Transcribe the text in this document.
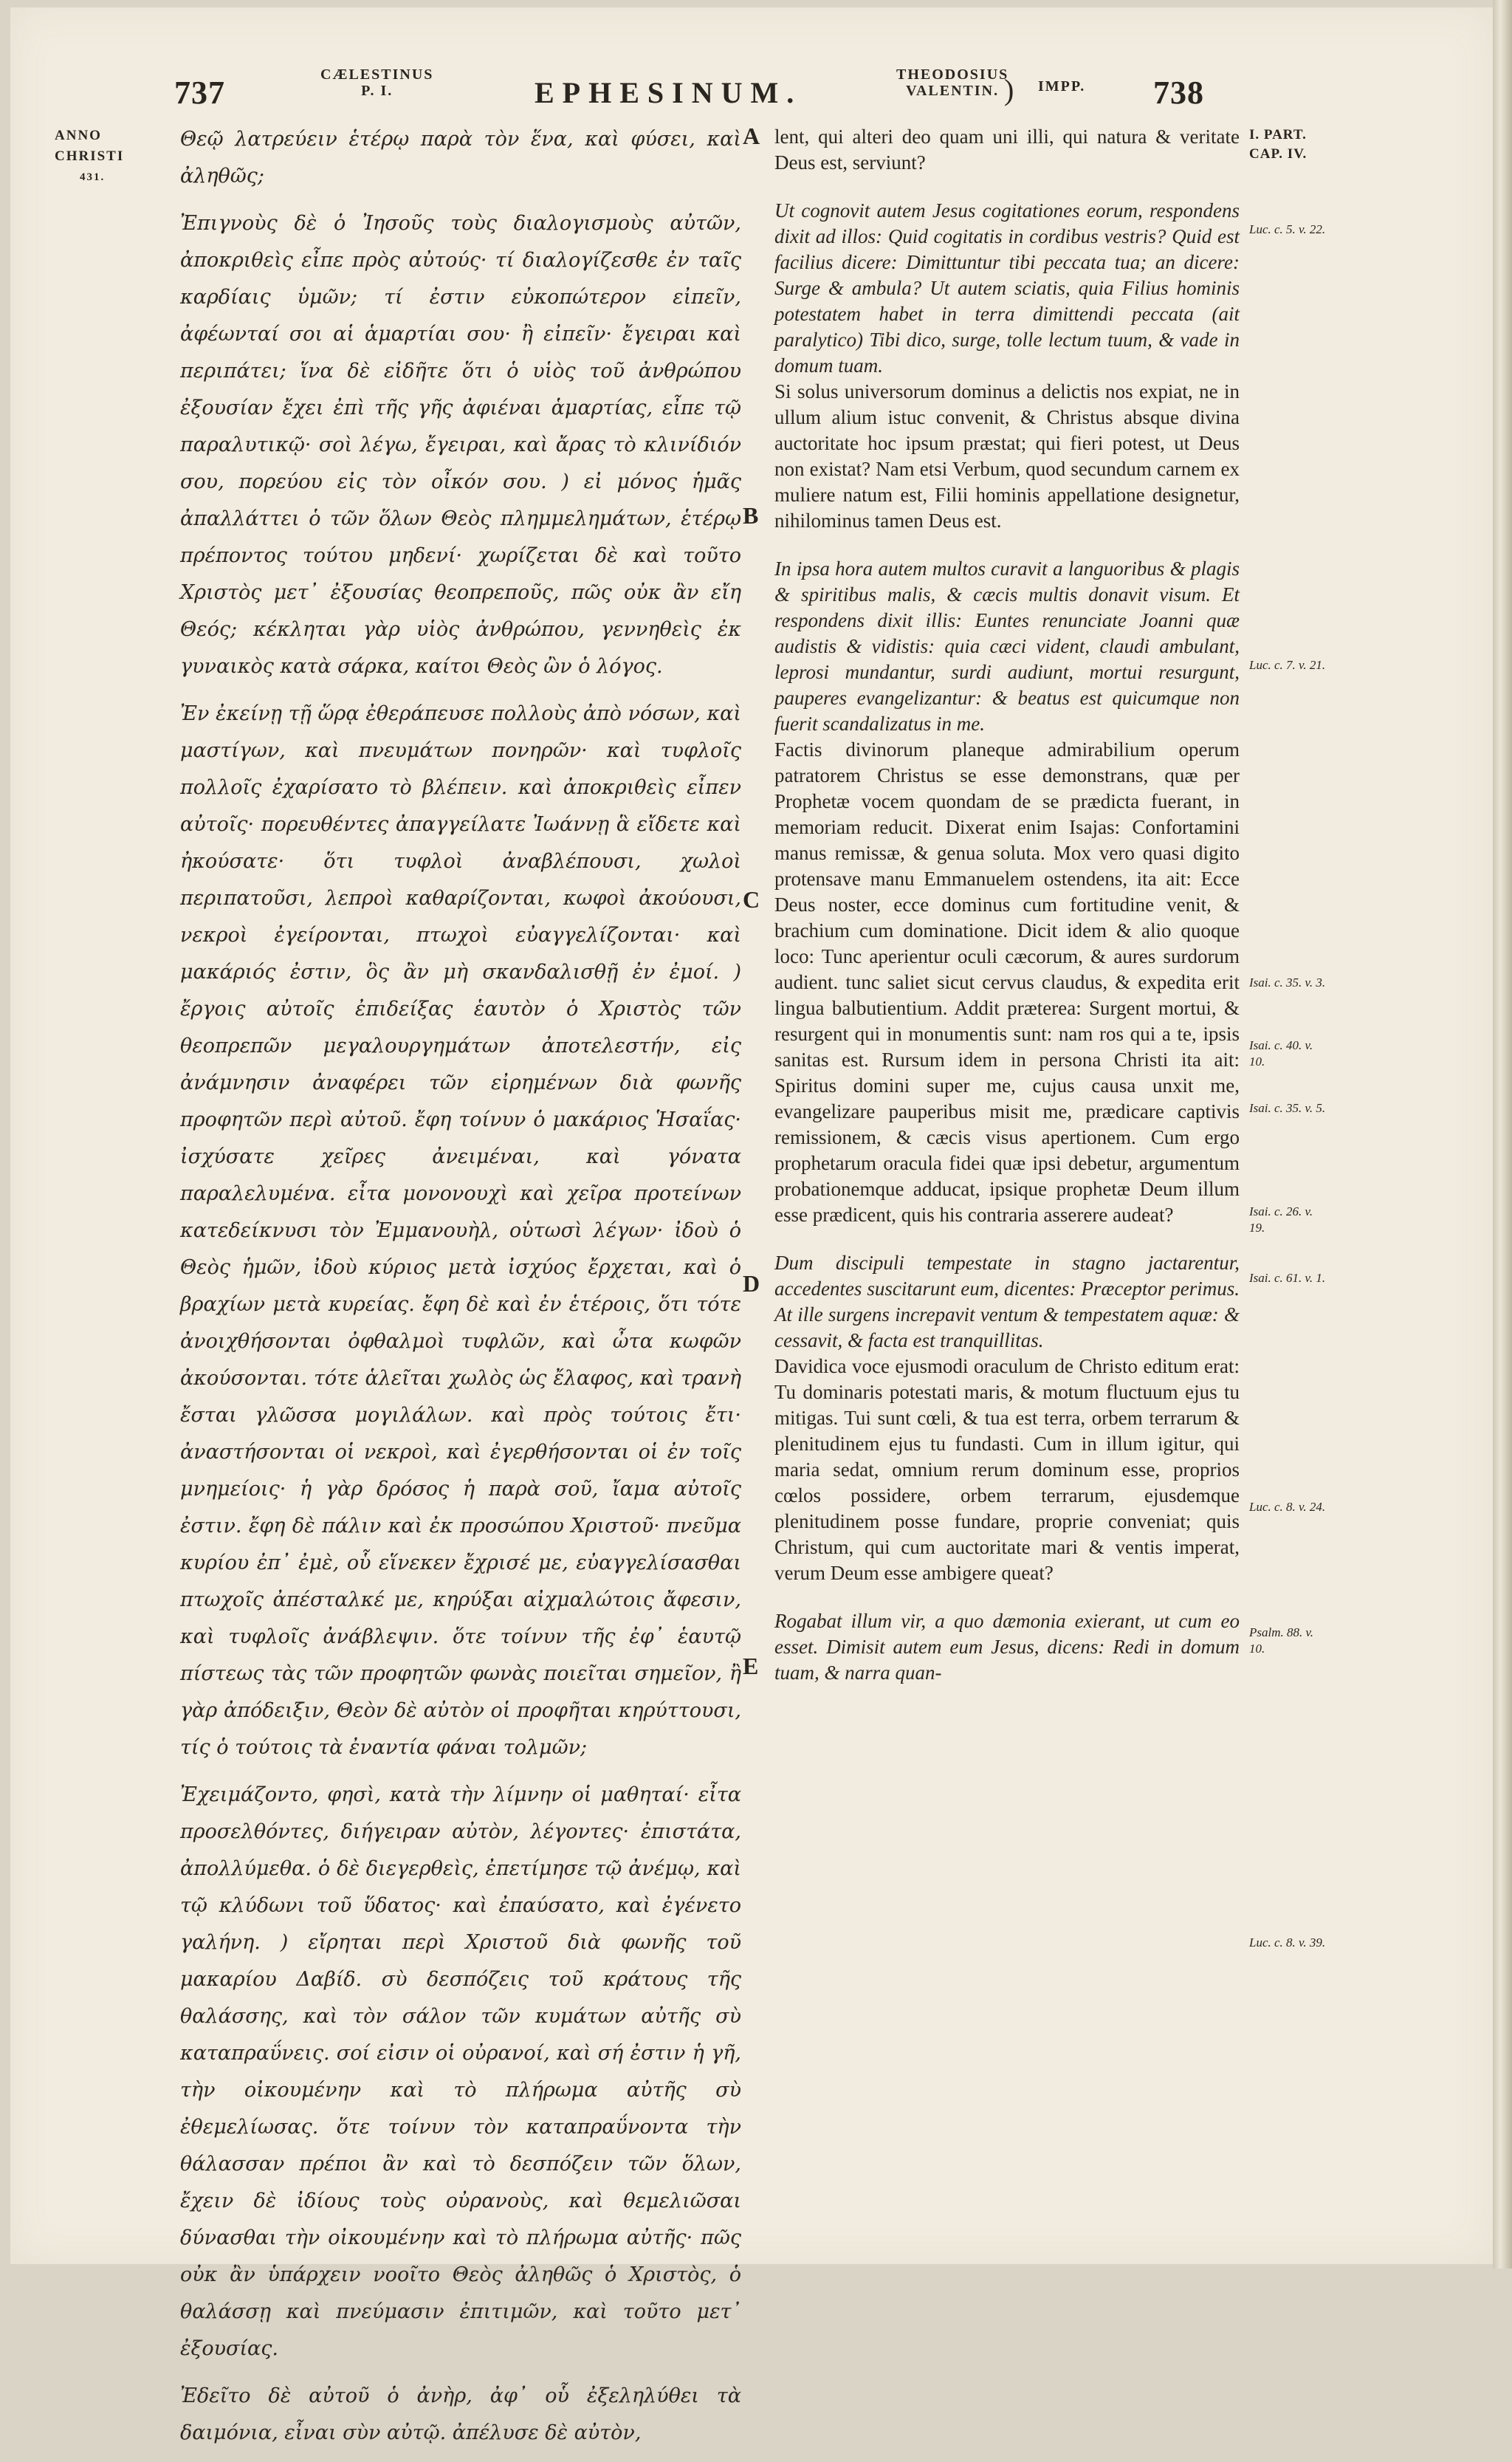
737	CÆLESTINUS
P. I.	EPHESINUM.
THEODOSIUS
VALENTIN. ) IMPP. 738
ANNO
CHRISTI
431.

Θεῷ λατρεύειν ἑτέρῳ παρὰ τὸν ἕνα, καὶ φύσει, καὶ ἀληθῶς;

Ἐπιγνοὺς δὲ ὁ Ἰησοῦς τοὺς διαλογισμοὺς αὐτῶν, ἀποκριθεὶς εἶπε πρὸς αὐτούς· τί διαλογίζεσθε ἐν ταῖς καρδίαις ὑμῶν; τί ἐστιν εὐκοπώτερον εἰπεῖν, ἀφέωνταί σοι αἱ ἁμαρτίαι σου· ἢ εἰπεῖν· ἔγειραι καὶ περιπάτει; ἵνα δὲ εἰδῆτε ὅτι ὁ υἱὸς τοῦ ἀνθρώπου ἐξουσίαν ἔχει ἐπὶ τῆς γῆς ἀφιέναι ἁμαρτίας, εἶπε τῷ παραλυτικῷ· σοὶ λέγω, ἔγειραι, καὶ ἄρας τὸ κλινίδιόν σου, πορεύου εἰς τὸν οἶκόν σου. ) εἰ μόνος ἡμᾶς ἀπαλλάττει ὁ τῶν ὅλων Θεὸς πλημμελημάτων, ἑτέρῳ πρέποντος τούτου μηδενί· χωρίζεται δὲ καὶ τοῦτο Χριστὸς μετ᾽ ἐξουσίας θεοπρεποῦς, πῶς οὐκ ἂν εἴη Θεός; κέκληται γὰρ υἱὸς ἀνθρώπου, γεννηθεὶς ἐκ γυναικὸς κατὰ σάρκα, καίτοι Θεὸς ὢν ὁ λόγος.

Ἐν ἐκείνῃ τῇ ὥρᾳ ἐθεράπευσε πολλοὺς ἀπὸ νόσων, καὶ μαστίγων, καὶ πνευμάτων πονηρῶν· καὶ τυφλοῖς πολλοῖς ἐχαρίσατο τὸ βλέπειν. καὶ ἀποκριθεὶς εἶπεν αὐτοῖς· πορευθέντες ἀπαγγείλατε Ἰωάννῃ ἃ εἴδετε καὶ ἠκούσατε· ὅτι τυφλοὶ ἀναβλέπουσι, χωλοὶ περιπατοῦσι, λεπροὶ καθαρίζονται, κωφοὶ ἀκούουσι, νεκροὶ ἐγείρονται, πτωχοὶ εὐαγγελίζονται· καὶ μακάριός ἐστιν, ὃς ἂν μὴ σκανδαλισθῇ ἐν ἐμοί. ) ἔργοις αὐτοῖς ἐπιδείξας ἑαυτὸν ὁ Χριστὸς τῶν θεοπρεπῶν μεγαλουργημάτων ἀποτελεστήν, εἰς ἀνάμνησιν ἀναφέρει τῶν εἰρημένων διὰ φωνῆς προφητῶν περὶ αὐτοῦ. ἔφη τοίνυν ὁ μακάριος Ἡσαΐας· ἰσχύσατε χεῖρες ἀνειμέναι, καὶ γόνατα παραλελυμένα. εἶτα μονονουχὶ καὶ χεῖρα προτείνων κατεδείκνυσι τὸν Ἐμμανουὴλ, οὑτωσὶ λέγων· ἰδοὺ ὁ Θεὸς ἡμῶν, ἰδοὺ κύριος μετὰ ἰσχύος ἔρχεται, καὶ ὁ βραχίων μετὰ κυρείας. ἔφη δὲ καὶ ἐν ἑτέροις, ὅτι τότε ἀνοιχθήσονται ὀφθαλμοὶ τυφλῶν, καὶ ὦτα κωφῶν ἀκούσονται. τότε ἁλεῖται χωλὸς ὡς ἔλαφος, καὶ τρανὴ ἔσται γλῶσσα μογιλάλων. καὶ πρὸς τούτοις ἔτι· ἀναστήσονται οἱ νεκροὶ, καὶ ἐγερθήσονται οἱ ἐν τοῖς μνημείοις· ἡ γὰρ δρόσος ἡ παρὰ σοῦ, ἴαμα αὐτοῖς ἐστιν. ἔφη δὲ πάλιν καὶ ἐκ προσώπου Χριστοῦ· πνεῦμα κυρίου ἐπ᾽ ἐμὲ, οὗ εἵνεκεν ἔχρισέ με, εὐαγγελίσασθαι πτωχοῖς ἀπέσταλκέ με, κηρύξαι αἰχμαλώτοις ἄφεσιν, καὶ τυφλοῖς ἀνάβλεψιν. ὅτε τοίνυν τῆς ἐφ᾽ ἑαυτῷ πίστεως τὰς τῶν προφητῶν φωνὰς ποιεῖται σημεῖον, ἢ γὰρ ἀπόδειξιν, Θεὸν δὲ αὐτὸν οἱ προφῆται κηρύττουσι, τίς ὁ τούτοις τὰ ἐναντία φάναι τολμῶν;

Ἐχειμάζοντο, φησὶ, κατὰ τὴν λίμνην οἱ μαθηταί· εἶτα προσελθόντες, διήγειραν αὐτὸν, λέγοντες· ἐπιστάτα, ἀπολλύμεθα. ὁ δὲ διεγερθεὶς, ἐπετίμησε τῷ ἀνέμῳ, καὶ τῷ κλύδωνι τοῦ ὕδατος· καὶ ἐπαύσατο, καὶ ἐγένετο γαλήνη. ) εἴρηται περὶ Χριστοῦ διὰ φωνῆς τοῦ μακαρίου Δαβίδ. σὺ δεσπόζεις τοῦ κράτους τῆς θαλάσσης, καὶ τὸν σάλον τῶν κυμάτων αὐτῆς σὺ καταπραΰνεις. σοί εἰσιν οἱ οὐρανοί, καὶ σή ἐστιν ἡ γῆ, τὴν οἰκουμένην καὶ τὸ πλήρωμα αὐτῆς σὺ ἐθεμελίωσας. ὅτε τοίνυν τὸν καταπραΰνοντα τὴν θάλασσαν πρέποι ἂν καὶ τὸ δεσπόζειν τῶν ὅλων, ἔχειν δὲ ἰδίους τοὺς οὐρανοὺς, καὶ θεμελιῶσαι δύνασθαι τὴν οἰκουμένην καὶ τὸ πλήρωμα αὐτῆς· πῶς οὐκ ἂν ὑπάρχειν νοοῖτο Θεὸς ἀληθῶς ὁ Χριστὸς, ὁ θαλάσσῃ καὶ πνεύμασιν ἐπιτιμῶν, καὶ τοῦτο μετ᾽ ἐξουσίας.

Ἐδεῖτο δὲ αὐτοῦ ὁ ἀνὴρ, ἀφ᾽ οὗ ἐξεληλύθει τὰ δαιμόνια, εἶναι σὺν αὐτῷ. ἀπέλυσε δὲ αὐτὸν,

A
B
C
D
E

lent, qui alteri deo quam uni illi, qui natura & veritate Deus est, serviunt?

Ut cognovit autem Jesus cogitationes eorum, respondens dixit ad illos: Quid cogitatis in cordibus vestris? Quid est facilius dicere: Dimittuntur tibi peccata tua; an dicere: Surge & ambula? Ut autem sciatis, quia Filius hominis potestatem habet in terra dimittendi peccata (ait paralytico) Tibi dico, surge, tolle lectum tuum, & vade in domum tuam.

Si solus universorum dominus a delictis nos expiat, ne in ullum alium istuc convenit, & Christus absque divina auctoritate hoc ipsum præstat; qui fieri potest, ut Deus non existat? Nam etsi Verbum, quod secundum carnem ex muliere natum est, Filii hominis appellatione designetur, nihilominus tamen Deus est.

In ipsa hora autem multos curavit a languoribus & plagis & spiritibus malis, & cæcis multis donavit visum. Et respondens dixit illis: Euntes renunciate Joanni quæ audistis & vidistis: quia cæci vident, claudi ambulant, leprosi mundantur, surdi audiunt, mortui resurgunt, pauperes evangelizantur: & beatus est quicumque non fuerit scandalizatus in me.

Factis divinorum planeque admirabilium operum patratorem Christus se esse demonstrans, quæ per Prophetæ vocem quondam de se prædicta fuerant, in memoriam reducit. Dixerat enim Isajas: Confortamini manus remissæ, & genua soluta. Mox vero quasi digito protensave manu Emmanuelem ostendens, ita ait: Ecce Deus noster, ecce dominus cum fortitudine venit, & brachium cum dominatione. Dicit idem & alio quoque loco: Tunc aperientur oculi cæcorum, & aures surdorum audient. tunc saliet sicut cervus claudus, & expedita erit lingua balbutientium. Addit præterea: Surgent mortui, & resurgent qui in monumentis sunt: nam ros qui a te, ipsis sanitas est. Rursum idem in persona Christi ita ait: Spiritus domini super me, cujus causa unxit me, evangelizare pauperibus misit me, prædicare captivis remissionem, & cæcis visus apertionem. Cum ergo prophetarum oracula fidei quæ ipsi debetur, argumentum probationemque adducat, ipsique prophetæ Deum illum esse prædicent, quis his contraria asserere audeat?

Dum discipuli tempestate in stagno jactarentur, accedentes suscitarunt eum, dicentes: Præceptor perimus. At ille surgens increpavit ventum & tempestatem aquæ: & cessavit, & facta est tranquillitas.

Davidica voce ejusmodi oraculum de Christo editum erat: Tu dominaris potestati maris, & motum fluctuum ejus tu mitigas. Tui sunt cœli, & tua est terra, orbem terrarum & plenitudinem ejus tu fundasti. Cum in illum igitur, qui maria sedat, omnium rerum dominum esse, proprios cœlos possidere, orbem terrarum, ejusdemque plenitudinem posse fundare, proprie conveniat; quis Christum, qui cum auctoritate mari & ventis imperat, verum Deum esse ambigere queat?

Rogabat illum vir, a quo dæmonia exierant, ut cum eo esset. Dimisit autem eum Jesus, dicens: Redi in domum tuam, & narra quan-

I. PART.
CAP. IV.
Luc. c. 5. v. 22.
Luc. c. 7. v. 21.
Isai. c. 35. v. 3.
Isai. c. 40. v. 10.
Isai. c. 35. v. 5.
Isai. c. 26. v. 19.
Isai. c. 61. v. 1.
Luc. c. 8. v. 24.
Psalm. 88. v. 10.
Luc. c. 8. v. 39.
